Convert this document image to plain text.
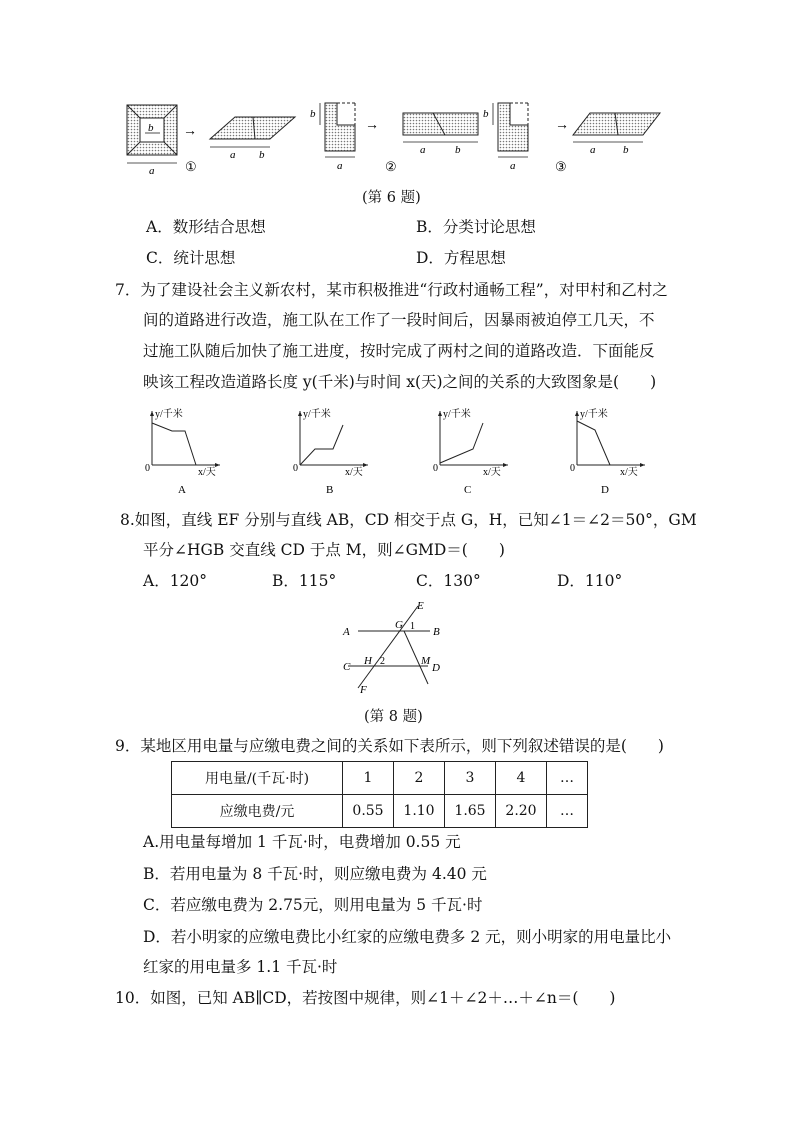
b
a
→
a b
①
b
a
→
a	b
②
b
a
→
a	b
③
(第 6 题)
A．数形结合思想	B．分类讨论思想
C．统计思想	D．方程思想
7．为了建设社会主义新农村，某市积极推进“行政村通畅工程”，对甲村和乙村之
间的道路进行改造，施工队在工作了一段时间后，因暴雨被迫停工几天，不
过施工队随后加快了施工进度，按时完成了两村之间的道路改造．下面能反
映该工程改造道路长度 y(千米)与时间 x(天)之间的关系的大致图象是(　　)
y/千米
x/天
0
A
y/千米
x/天
0
B
y/千米
x/天
0
C
y/千米
x/天
0
D
8.如图，直线 EF 分别与直线 AB，CD 相交于点 G，H，已知∠1＝∠2＝50°，GM
平分∠HGB 交直线 CD 于点 M，则∠GMD＝(　　)
A．120°	B．115°	C．130°	D．110°
E
A
G 1 B
C H 2	M
D
F
(第 8 题)
9．某地区用电量与应缴电费之间的关系如下表所示，则下列叙述错误的是(　　)
用电量/(千瓦·时)	1	2	3	4	…
应缴电费/元	0.55	1.10	1.65	2.20	…
A.用电量每增加 1 千瓦·时，电费增加 0.55 元
B．若用电量为 8 千瓦·时，则应缴电费为 4.40 元
C．若应缴电费为 2.75元，则用电量为 5 千瓦·时
D．若小明家的应缴电费比小红家的应缴电费多 2 元，则小明家的用电量比小
红家的用电量多 1.1 千瓦·时
10．如图，已知 AB∥CD，若按图中规律，则∠1＋∠2＋…＋∠n＝(　　)
